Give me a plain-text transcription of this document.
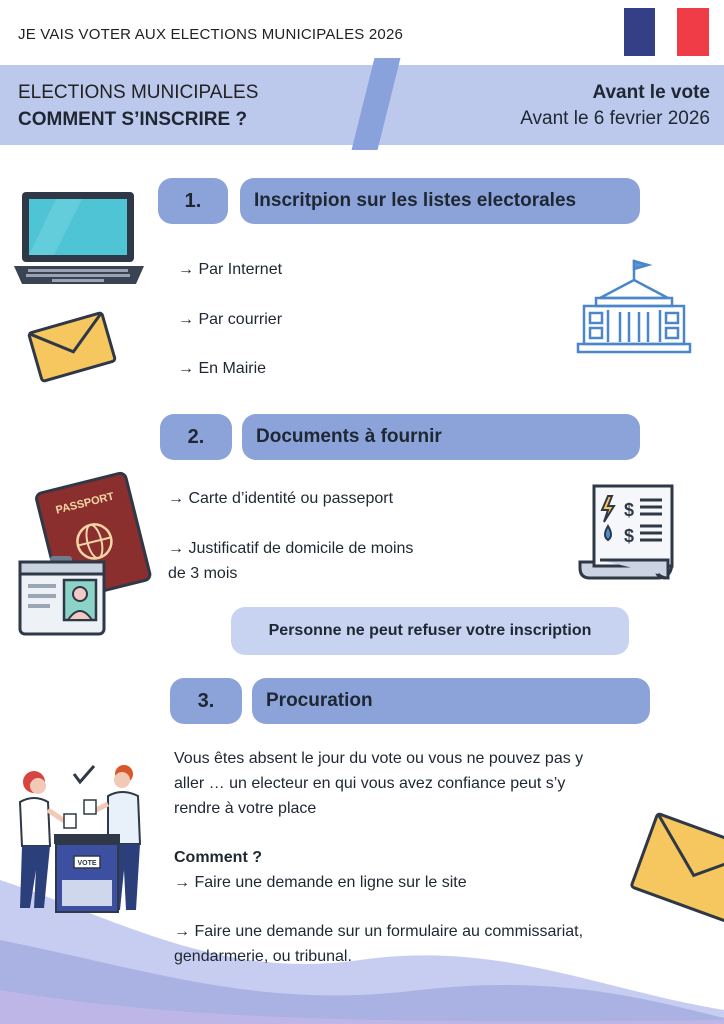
JE VAIS VOTER AUX ELECTIONS MUNICIPALES 2026
ELECTIONS MUNICIPALES
COMMENT S’INSCRIRE ?
Avant le vote
Avant le 6 fevrier 2026
1.	Inscritpion sur les listes electorales
→ Par Internet
→ Par courrier
→ En Mairie
2.	Documents à fournir
→ Carte d’identité ou passeport
→ Justificatif de domicile de moins
de 3 mois
PASSPORT	$
$
Personne ne peut refuser votre inscription
3.	Procuration
Vous êtes absent le jour du vote ou vous ne pouvez pas y
aller … un electeur en qui vous avez confiance peut s’y
rendre à votre place
Comment ?
→ Faire une demande en ligne sur le site
→ Faire une demande sur un formulaire au commissariat,
gendarmerie, ou tribunal.
VOTE
